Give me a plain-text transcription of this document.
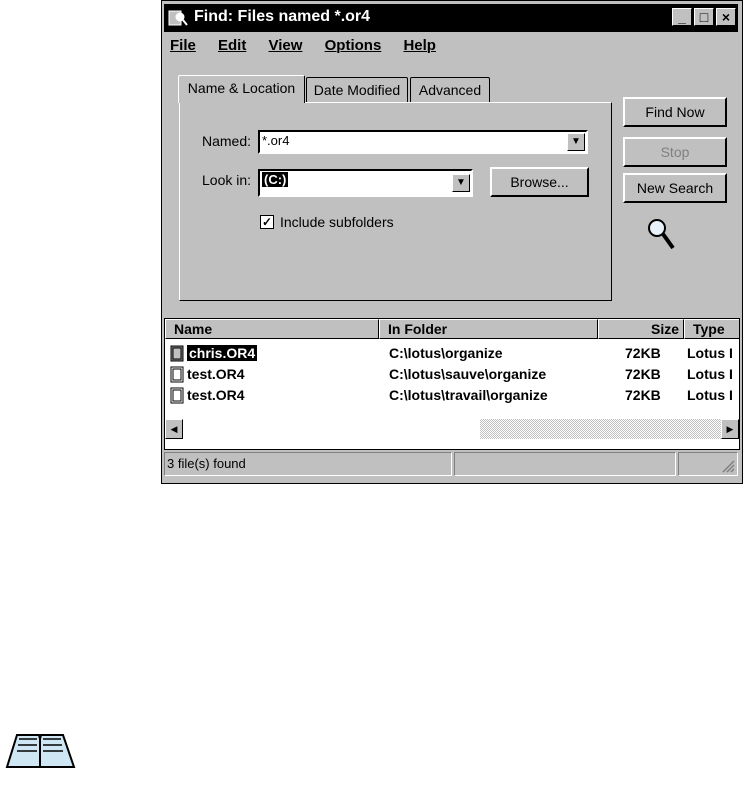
Find: Files named *.or4	_ □ ×
File Edit View Options Help
Name & Location	Date Modified	Advanced
Named: *.or4	▼
Look in: (C:)	▼	Browse...
✓ Include subfolders
Find Now
Stop
New Search
Name	In Folder	Size	Type
chris.OR4	C:\lotus\organize	72KB Lotus I
test.OR4	C:\lotus\sauve\organize	72KB Lotus I
test.OR4	C:\lotus\travail\organize	72KB Lotus I
◀	▶
3 file(s) found
